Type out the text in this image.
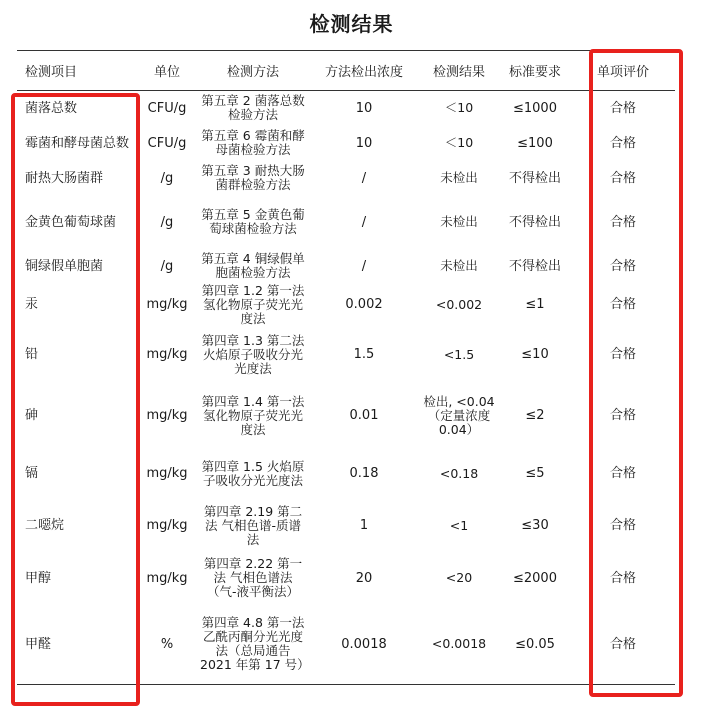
检测结果
检测项目	单位	检测方法	方法检出浓度	检测结果	标准要求	单项评价
菌落总数	CFU/g	第五章 2 菌落总数检验方法	10	＜10	≤1000	合格
霉菌和酵母菌总数	CFU/g	第五章 6 霉菌和酵母菌检验方法	10	＜10	≤100	合格
耐热大肠菌群	/g	第五章 3 耐热大肠菌群检验方法	/	未检出	不得检出	合格
金黄色葡萄球菌	/g	第五章 5 金黄色葡萄球菌检验方法	/	未检出	不得检出	合格
铜绿假单胞菌	/g	第五章 4 铜绿假单胞菌检验方法	/	未检出	不得检出	合格
汞	mg/kg	第四章 1.2 第一法 氢化物原子荧光光度法	0.002	<0.002	≤1	合格
铅	mg/kg	第四章 1.3 第二法 火焰原子吸收分光光度法	1.5	<1.5	≤10	合格
砷	mg/kg	第四章 1.4 第一法 氢化物原子荧光光度法	0.01	检出, <0.04（定量浓度 0.04）	≤2	合格
镉	mg/kg	第四章 1.5 火焰原子吸收分光光度法	0.18	<0.18	≤5	合格
二噁烷	mg/kg	第四章 2.19 第二法 气相色谱-质谱法	1	<1	≤30	合格
甲醇	mg/kg	第四章 2.22 第一法 气相色谱法（气-液平衡法）	20	<20	≤2000	合格
甲醛	%	第四章 4.8 第一法 乙酰丙酮分光光度法（总局通告 2021 年第 17 号）	0.0018	<0.0018	≤0.05	合格
